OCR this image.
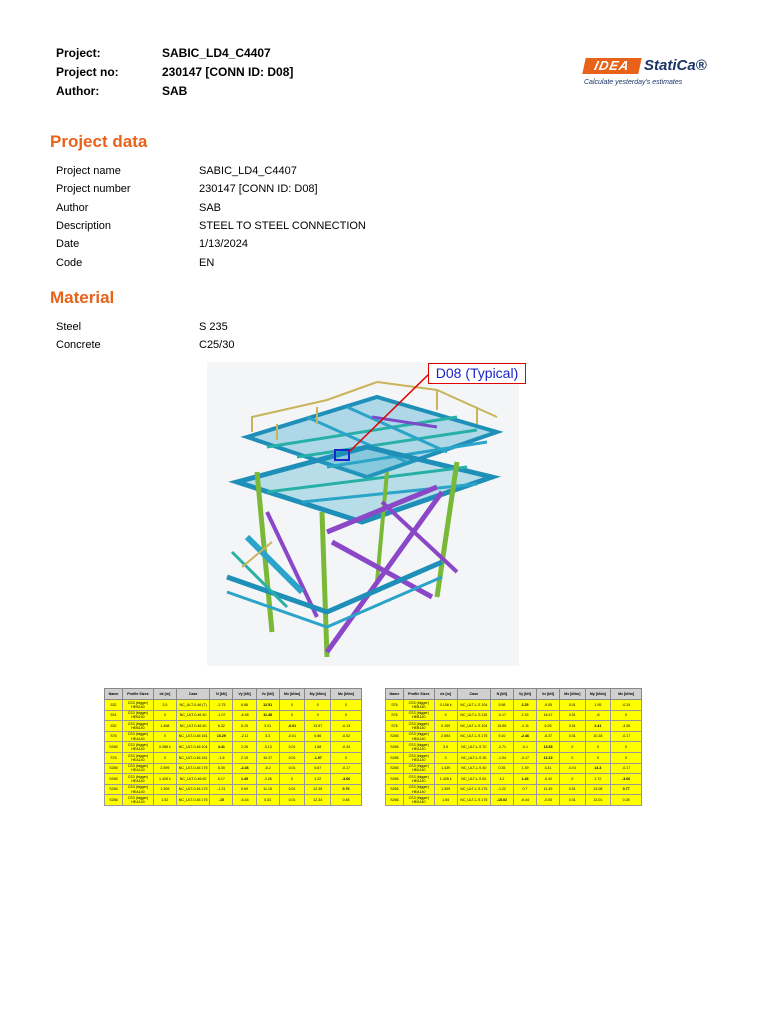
Project:	SABIC_LD4_C4407
Project no:	230147 [CONN ID: D08]
Author:	SAB
IDEA StatiCa®
Calculate yesterday's estimates
Project data
Project name	SABIC_LD4_C4407
Project number	230147 [CONN ID: D08]
Author	SAB
Description	STEEL TO STEEL CONNECTION
Date	1/13/2024
Code	EN
Material
Steel	S 235
Concrete	C25/30
D08 (Typical)
Name	Profile Sizes	dx [m]	Case	N [kN]	Vy [kN]	Vz [kN]	Mx [kNm]	My [kNm]	Mz [kNm]
532	CS3 (bigger) HEB140	3.5	NC_ULT-0.46 (T)	-2.75	6.88	12.51	0	0	0
531	CS3 (bigger) HEB140	0	NC_ULT-0.46 40	-1.07	-6.48	11.48	0	0	0
532	CS3 (bigger) HEB140	1.498	NC_ULT-0.46 40	6.32	5.15	3.31	-0.01	13.57	-0.13
S76	CS3 (bigger) HEA140	0	NC_ULT-0.46 151	10.29	-2.11	3.3	-0.01	0.66	-0.02
S265	CS3 (bigger) HEA140	0.288 k	NC_ULT-0.46 104	4.41	2.26	-3.13	0.01	1.68	-0.34
S76	CS3 (bigger) HEA140	0	NC_ULT-0.46 151	-1.6	2.15	10.37	0.01	-1.07	0
S265	CS3 (bigger) HEA140	2.599	NC_ULT-0.46 175	8.35	-2.46	-6.2	0.01	5.67	-0.17
S265	CS3 (bigger) HEA140	1.428 k	NC_ULT-0.46 62	6.17	1.45	-3.26	0	1.22	-3.66
S265	CS3 (bigger) HEA140	1.309	NC_ULT-0.46 175	-1.21	0.69	11.15	0.01	12.35	0.76
S266	CS3 (bigger) HEA140	1.52	NC_ULT-0.46 175	-15	-6.44	0.03	0.01	12.34	0.48
Name	Profile Sizes	dx [m]	Case	N [kN]	Vy [kN]	Vz [kN]	Mx [kNm]	My [kNm]	Mz [kNm]
S76	CS3 (bigger) HEB140	0.158 k	NC_ULT-L.S 104	5.98	2.25	-9.05	0.01	1.95	-0.34
S76	CS3 (bigger) HEB140	0	NC_ULT-L.S 115	-0.17	2.15	18.47	0.01	-8	0
S76	CS3 (bigger) HEB140	0.159	NC_ULT-L.S 104	15.85	-2.11	5.29	0.01	2.41	-3.55
S265	CS3 (bigger) HEA140	2.594	NC_ULT-L.S 175	9.10	-2.46	-6.37	0.01	10.18	-0.17
S265	CS3 (bigger) HEA140	3.5	NC_ULT-L.S 70	-2.71	-0.1	13.65	0	0	0
S265	CS3 (bigger) HEA140	0	NC_ULT-L.S 30	-1.04	-0.17	13.19	0	0	0
S265	CS3 (bigger) HEA140	1.439	NC_ULT-L.S 40	0.35	1.39	3.41	-0.01	14.3	-0.17
S265	CS3 (bigger) HEA140	1.428 k	NC_ULT-L.S 62	4.2	1.43	-0.42	0	1.72	-3.66
S265	CS3 (bigger) HEA140	1.309	NC_ULT-L.S 175	-1.22	0.7	11.49	0.01	13.08	0.77
S266	CS3 (bigger) HEA140	1.54	NC_ULT-L.S 175	-15.02	-6.44	-0.05	0.01	13.01	0.28
